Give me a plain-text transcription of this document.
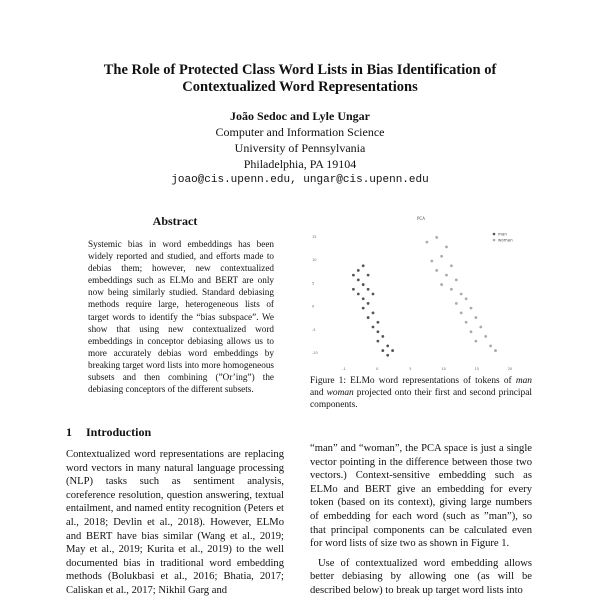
The Role of Protected Class Word Lists in Bias Identification of
Contextualized Word Representations
João Sedoc and Lyle Ungar
Computer and Information Science
University of Pennsylvania
Philadelphia, PA 19104
joao@cis.upenn.edu, ungar@cis.upenn.edu
Abstract
Systemic bias in word embeddings has been widely reported and studied, and efforts made to debias them; however, new contextualized embeddings such as ELMo and BERT are only now being similarly studied. Standard debiasing methods require large, heterogeneous lists of target words to identify the “bias subspace”. We show that using new contextualized word embeddings in conceptor debiasing allows us to more accurately debias word embeddings by breaking target word lists into more homogeneous subsets and then combining (”Or’ing”) the debiasing conceptors of the different subsets.
1 Introduction
Contextualized word representations are replacing word vectors in many natural language processing (NLP) tasks such as sentiment analysis, coreference resolution, question answering, textual entailment, and named entity recognition (Peters et al., 2018; Devlin et al., 2018). However, ELMo and BERT have bias similar (Wang et al., 2019; May et al., 2019; Kurita et al., 2019) to the well documented bias in traditional word embedding methods (Bolukbasi et al., 2016; Bhatia, 2017; Caliskan et al., 2017; Nikhil Garg and
PCA
15
10
5
0
-5
-10
-1	0	5	10	15	20
man
woman
Figure 1: ELMo word representations of tokens of man and woman projected onto their first and second principal components.

“man” and “woman”, the PCA space is just a single vector pointing in the difference between those two vectors.) Context-sensitive embedding such as ELMo and BERT give an embedding for every token (based on its context), giving large numbers of embedding for each word (such as ”man”), so that principal components can be calculated even for word lists of size two as shown in Figure 1.

Use of contextualized word embedding allows better debiasing by allowing one (as will be described below) to break up target word lists into
